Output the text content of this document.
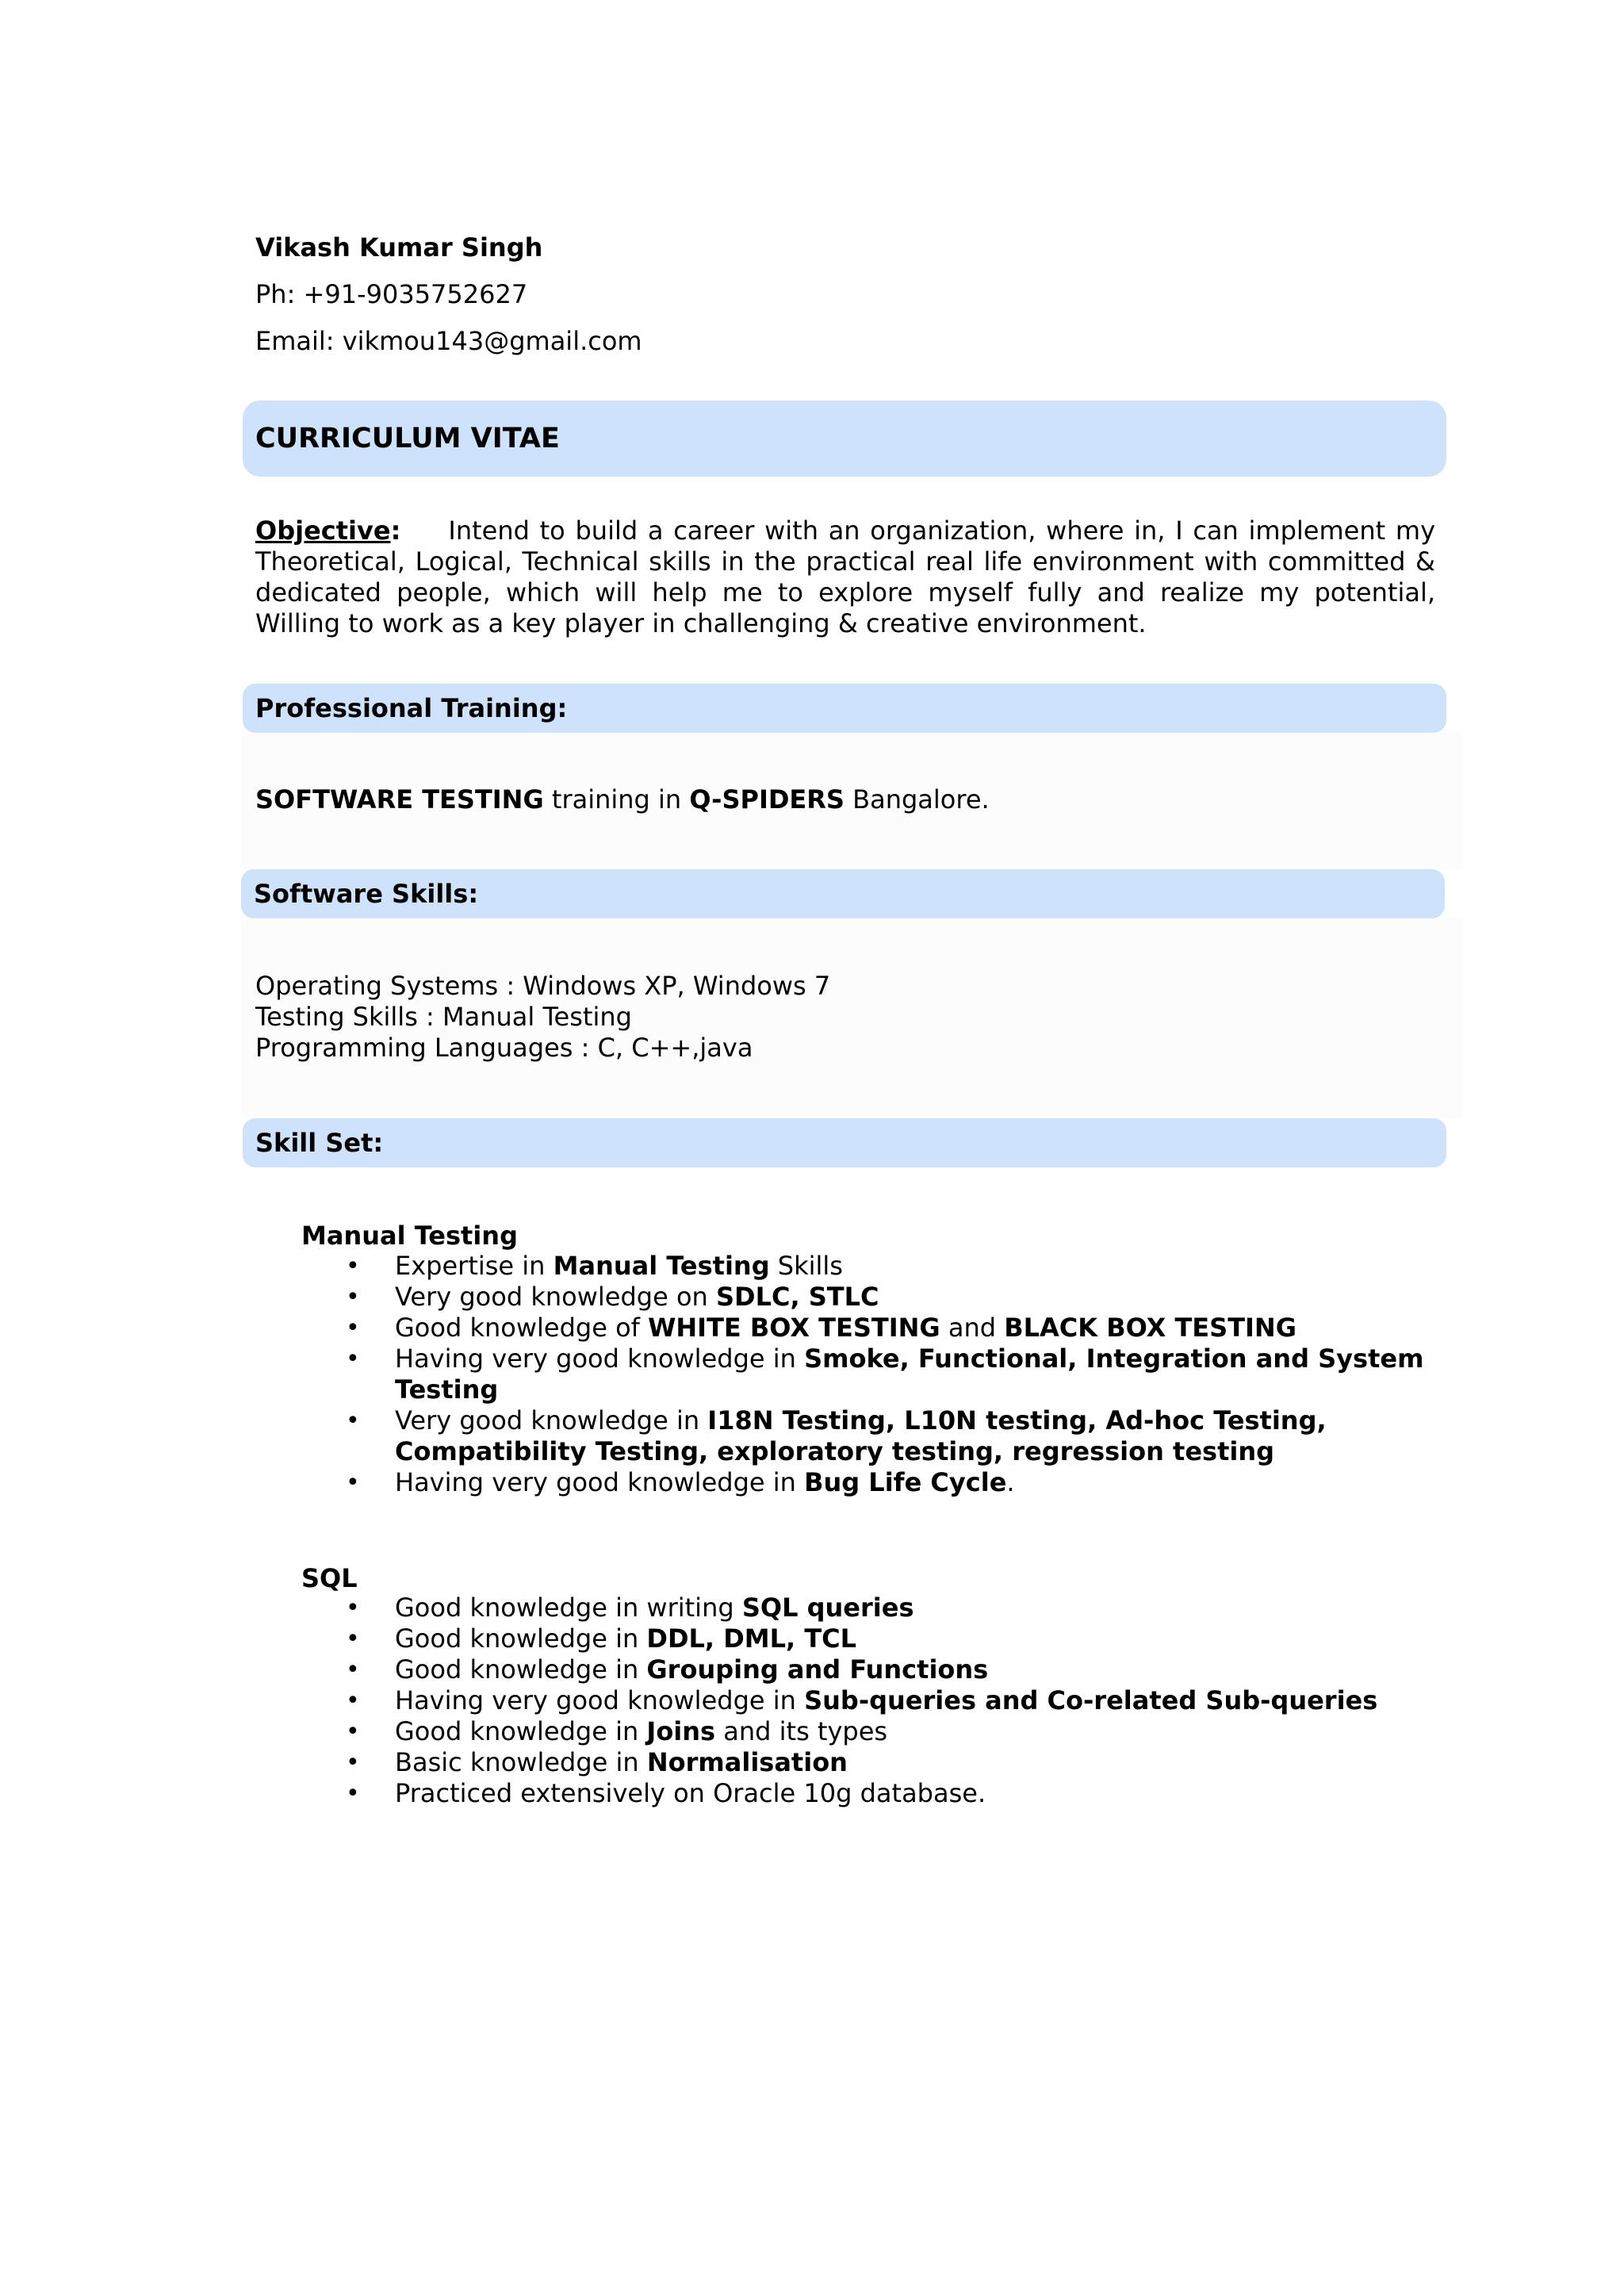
Vikash Kumar Singh
Ph: +91-9035752627
Email: vikmou143@gmail.com
CURRICULUM VITAE
Objective: Intend to build a career with an organization, where in, I can implement my Theoretical, Logical, Technical skills in the practical real life environment with committed & dedicated people, which will help me to explore myself fully and realize my potential, Willing to work as a key player in challenging & creative environment.
Professional Training:
SOFTWARE TESTING training in Q-SPIDERS Bangalore.
Software Skills:
Operating Systems : Windows XP, Windows 7
Testing Skills : Manual Testing
Programming Languages : C, C++,java
Skill Set:
Manual Testing
• Expertise in Manual Testing Skills
• Very good knowledge on SDLC, STLC
• Good knowledge of WHITE BOX TESTING and BLACK BOX TESTING
• Having very good knowledge in Smoke, Functional, Integration and System Testing
• Very good knowledge in I18N Testing, L10N testing, Ad-hoc Testing, Compatibility Testing, exploratory testing, regression testing
• Having very good knowledge in Bug Life Cycle.
SQL
• Good knowledge in writing SQL queries
• Good knowledge in DDL, DML, TCL
• Good knowledge in Grouping and Functions
• Having very good knowledge in Sub-queries and Co-related Sub-queries
• Good knowledge in Joins and its types
• Basic knowledge in Normalisation
• Practiced extensively on Oracle 10g database.
